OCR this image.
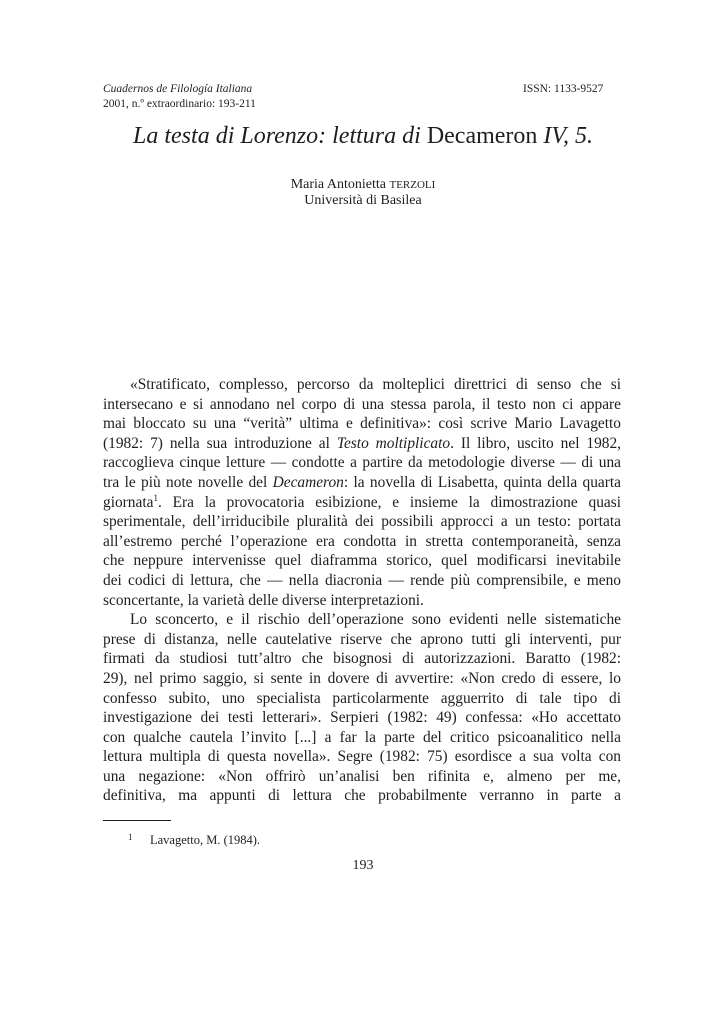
Cuadernos de Filología Italiana
2001, n.º extraordinario: 193-211
ISSN: 1133-9527
La testa di Lorenzo: lettura di Decameron IV, 5.
Maria Antonietta TERZOLI
Università di Basilea
«Stratificato, complesso, percorso da molteplici direttrici di senso che si
intersecano e si annodano nel corpo di una stessa parola, il testo non ci appare
mai bloccato su una “verità” ultima e definitiva»: così scrive Mario Lavagetto
(1982: 7) nella sua introduzione al Testo moltiplicato. Il libro, uscito nel 1982,
raccoglieva cinque letture — condotte a partire da metodologie diverse — di una
tra le più note novelle del Decameron: la novella di Lisabetta, quinta della quarta
giornata$^1$. Era la provocatoria esibizione, e insieme la dimostrazione quasi
sperimentale, dell’irriducibile pluralità dei possibili approcci a un testo: portata
all’estremo perché l’operazione era condotta in stretta contemporaneità, senza
che neppure intervenisse quel diaframma storico, quel modificarsi inevitabile
dei codici di lettura, che — nella diacronia — rende più comprensibile, e meno
sconcertante, la varietà delle diverse interpretazioni.
Lo sconcerto, e il rischio dell’operazione sono evidenti nelle sistematiche
prese di distanza, nelle cautelative riserve che aprono tutti gli interventi, pur
firmati da studiosi tutt’altro che bisognosi di autorizzazioni. Baratto (1982:
29), nel primo saggio, si sente in dovere di avvertire: «Non credo di essere, lo
confesso subito, uno specialista particolarmente agguerrito di tale tipo di
investigazione dei testi letterari». Serpieri (1982: 49) confessa: «Ho accettato
con qualche cautela l’invito [...] a far la parte del critico psicoanalitico nella
lettura multipla di questa novella». Segre (1982: 75) esordisce a sua volta con
una negazione: «Non offrirò un’analisi ben rifinita e, almeno per me,
definitiva, ma appunti di lettura che probabilmente verranno in parte a
1 Lavagetto, M. (1984).
193
